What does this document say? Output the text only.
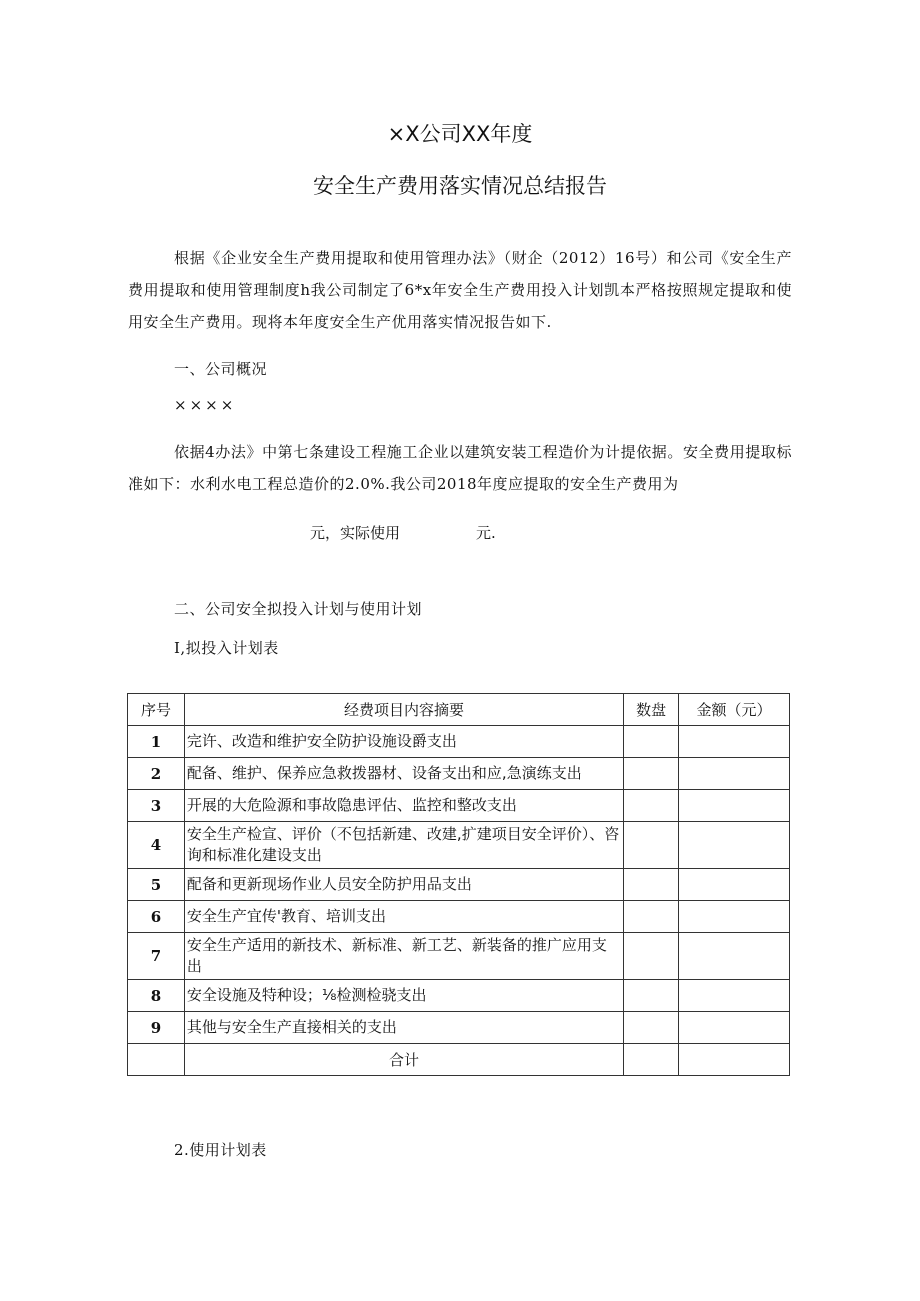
×X公司XX年度
安全生产费用落实情况总结报告
根据《企业安全生产费用提取和使用管理办法》（财企（2012）16号）和公司《安全生产费用提取和使用管理制度h我公司制定了6*x年安全生产费用投入计划凯本严格按照规定提取和使用安全生产费用。现将本年度安全生产优用落实情况报告如下.
一、公司概况
××××
依据4办法》中第七条建设工程施工企业以建筑安装工程造价为计提依据。安全费用提取标准如下：水利水电工程总造价的2.0%.我公司2018年度应提取的安全生产费用为
元，实际使用	元.
二、公司安全拟投入计划与使用计划
I,拟投入计划表
序号	经费项目内容摘要	数盘	金额（元）
1	完许、改造和维护安全防护设施设爵支出		
2	配备、维护、保养应急救拨器材、设备支出和应,急演练支出		
3	开展的大危险源和事故隐患评估、监控和整改支出		
4	安全生产检宣、评价（不包括新建、改建,扩建项目安全评价）、咨询和标准化建设支出		
5	配备和更新现场作业人员安全防护用品支出		
6	安全生产宜传'教育、培训支出		
7	安全生产适用的新技术、新标准、新工艺、新装备的推广应用支出		
8	安全设施及特种设；⅛检测检骁支出		
9	其他与安全生产直接相关的支出		
	合计		
2.使用计划表
